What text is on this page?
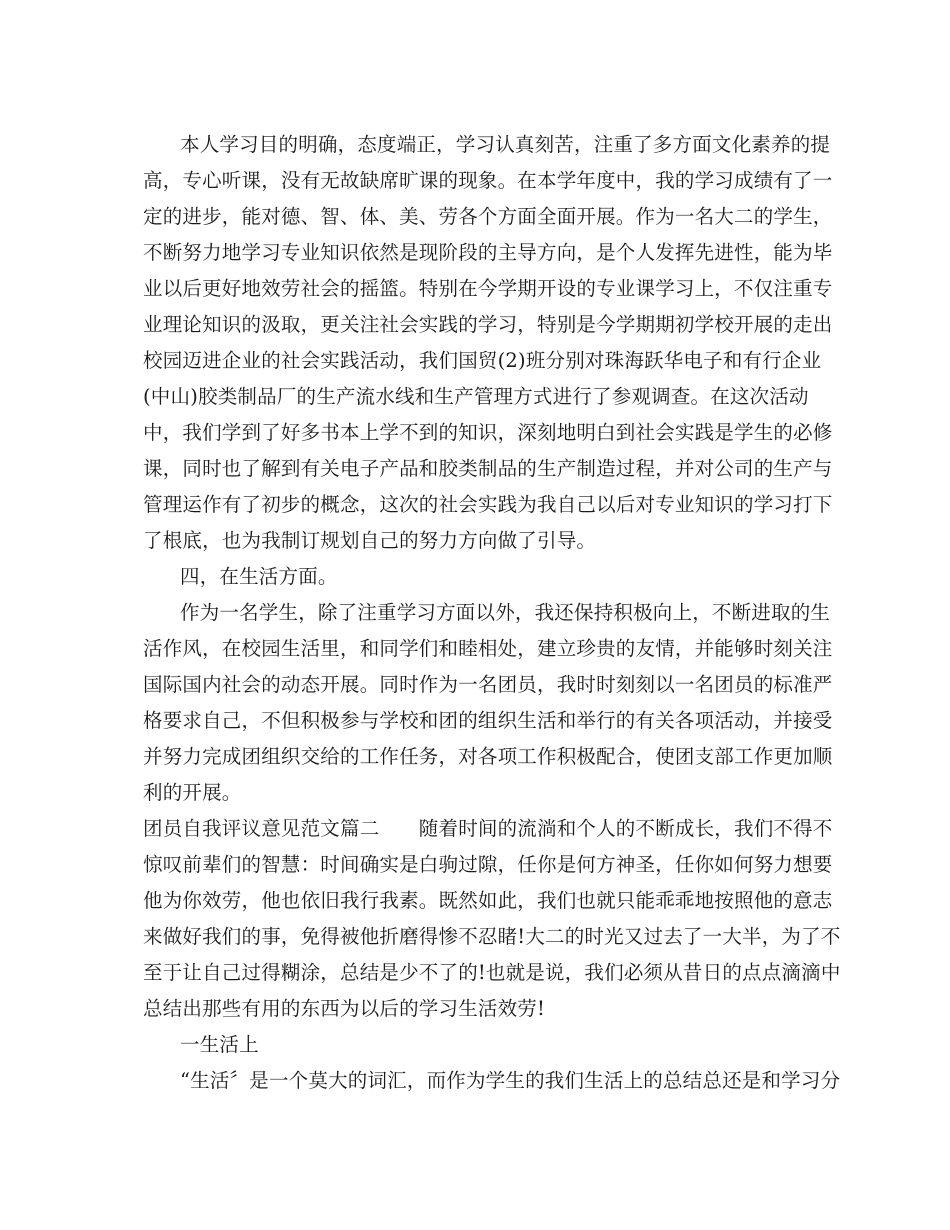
本人学习目的明确，态度端正，学习认真刻苦，注重了多方面文化素养的提
高，专心听课，没有无故缺席旷课的现象。在本学年度中，我的学习成绩有了一
定的进步，能对德、智、体、美、劳各个方面全面开展。作为一名大二的学生，
不断努力地学习专业知识依然是现阶段的主导方向，是个人发挥先进性，能为毕
业以后更好地效劳社会的摇篮。特别在今学期开设的专业课学习上，不仅注重专
业理论知识的汲取，更关注社会实践的学习，特别是今学期期初学校开展的走出
校园迈进企业的社会实践活动，我们国贸(2)班分别对珠海跃华电子和有行企业
(中山)胶类制品厂的生产流水线和生产管理方式进行了参观调查。在这次活动
中，我们学到了好多书本上学不到的知识，深刻地明白到社会实践是学生的必修
课，同时也了解到有关电子产品和胶类制品的生产制造过程，并对公司的生产与
管理运作有了初步的概念，这次的社会实践为我自己以后对专业知识的学习打下
了根底，也为我制订规划自己的努力方向做了引导。
四，在生活方面。
作为一名学生，除了注重学习方面以外，我还保持积极向上，不断进取的生
活作风，在校园生活里，和同学们和睦相处，建立珍贵的友情，并能够时刻关注
国际国内社会的动态开展。同时作为一名团员，我时时刻刻以一名团员的标准严
格要求自己，不但积极参与学校和团的组织生活和举行的有关各项活动，并接受
并努力完成团组织交给的工作任务，对各项工作积极配合，使团支部工作更加顺
利的开展。
团员自我评议意见范文篇二　　随着时间的流淌和个人的不断成长，我们不得不
惊叹前辈们的智慧：时间确实是白驹过隙，任你是何方神圣，任你如何努力想要
他为你效劳，他也依旧我行我素。既然如此，我们也就只能乖乖地按照他的意志
来做好我们的事，免得被他折磨得惨不忍睹!大二的时光又过去了一大半，为了不
至于让自己过得糊涂，总结是少不了的!也就是说，我们必须从昔日的点点滴滴中
总结出那些有用的东西为以后的学习生活效劳!
一生活上
“生活〞是一个莫大的词汇，而作为学生的我们生活上的总结总还是和学习分
